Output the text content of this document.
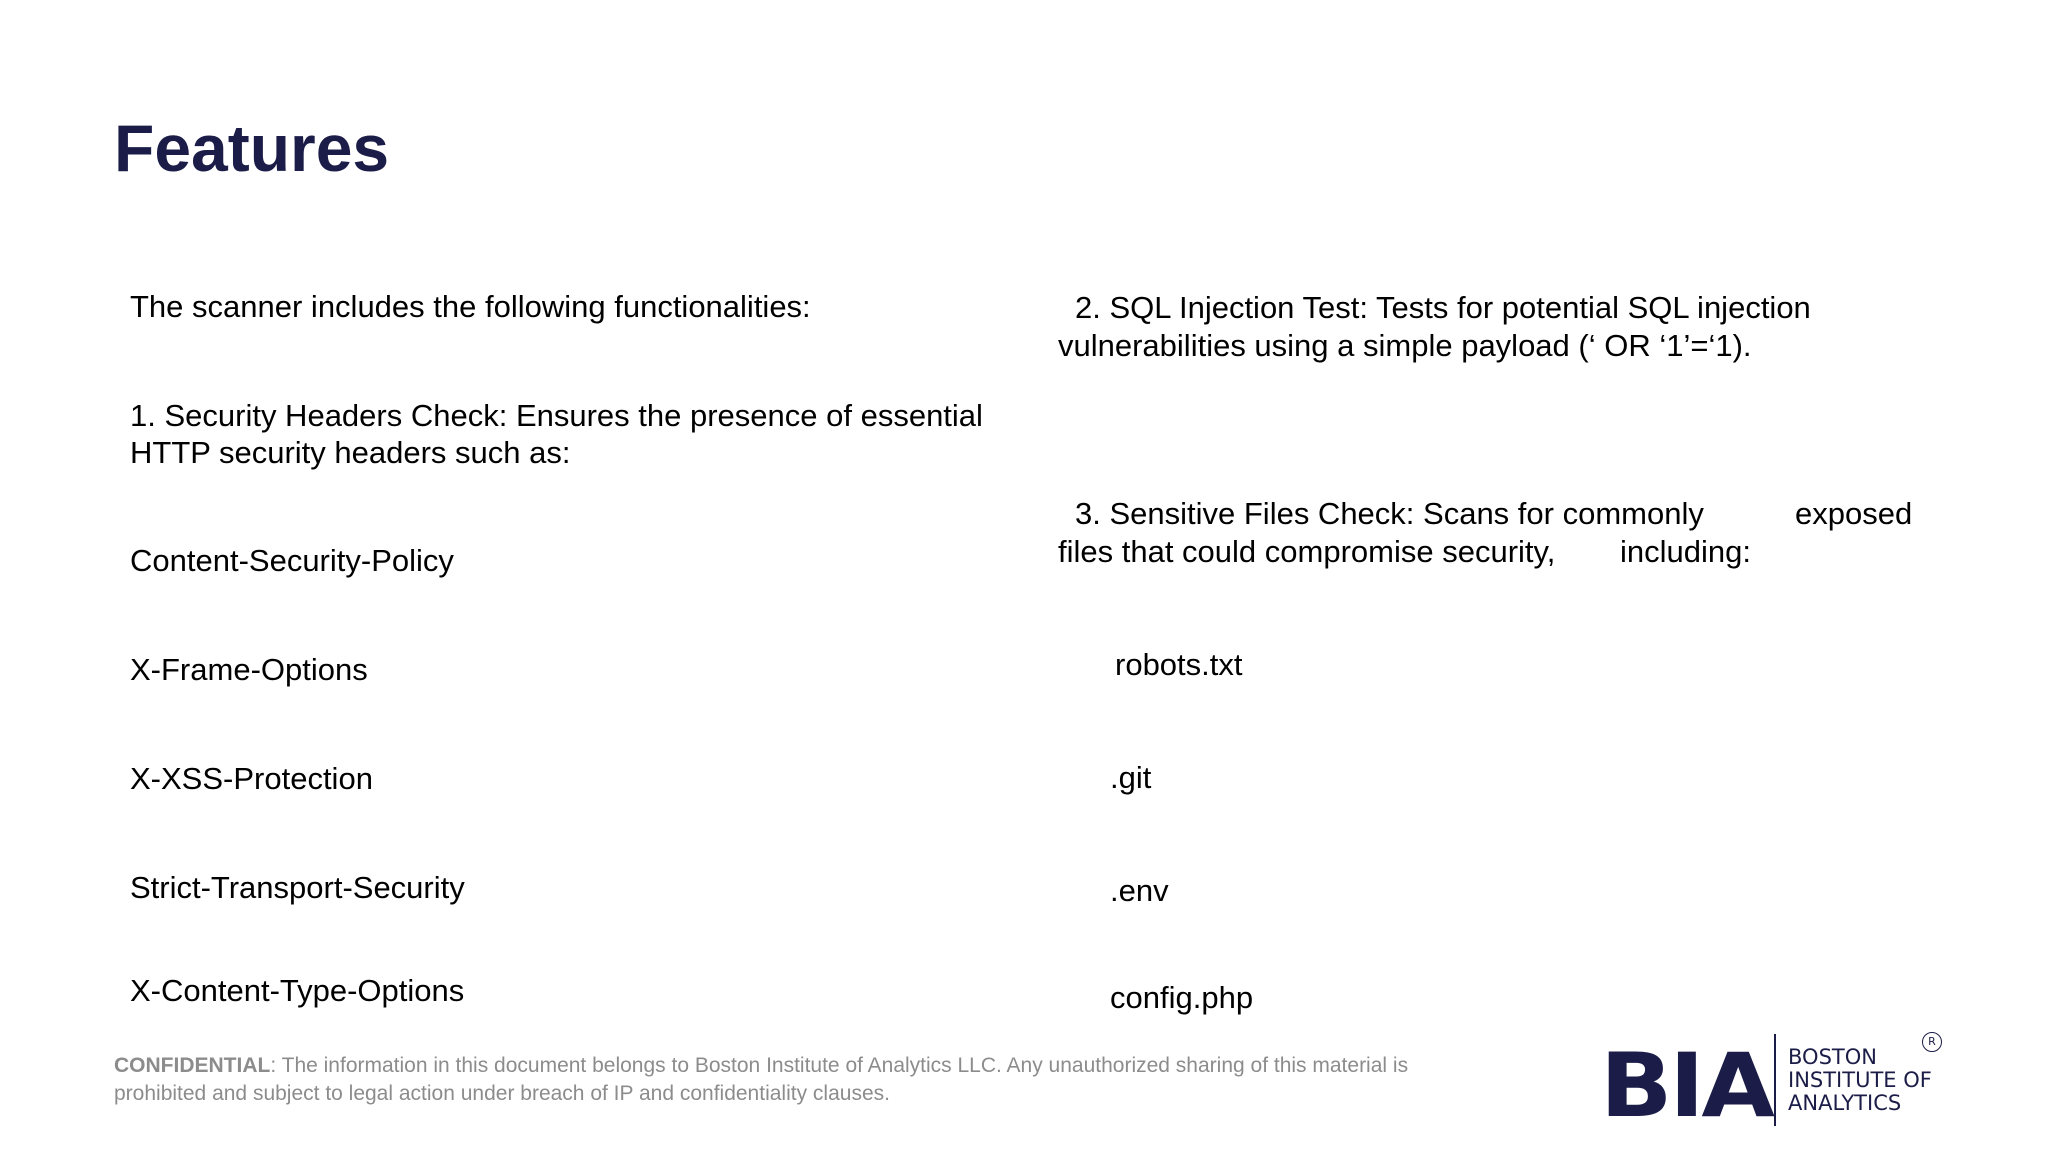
Features
The scanner includes the following functionalities:
1. Security Headers Check: Ensures the presence of essential
HTTP security headers such as:
Content-Security-Policy
X-Frame-Options
X-XSS-Protection
Strict-Transport-Security
X-Content-Type-Options
2. SQL Injection Test: Tests for potential SQL injection
vulnerabilities using a simple payload (‘ OR ‘1’=‘1).
3. Sensitive Files Check: Scans for commonly	exposed
files that could compromise security, including:
robots.txt
.git
.env
config.php
CONFIDENTIAL: The information in this document belongs to Boston Institute of Analytics LLC. Any unauthorized sharing of this material is prohibited and subject to legal action under breach of IP and confidentiality clauses.	BIA BOSTON
INSTITUTE OF
ANALYTICS
R
